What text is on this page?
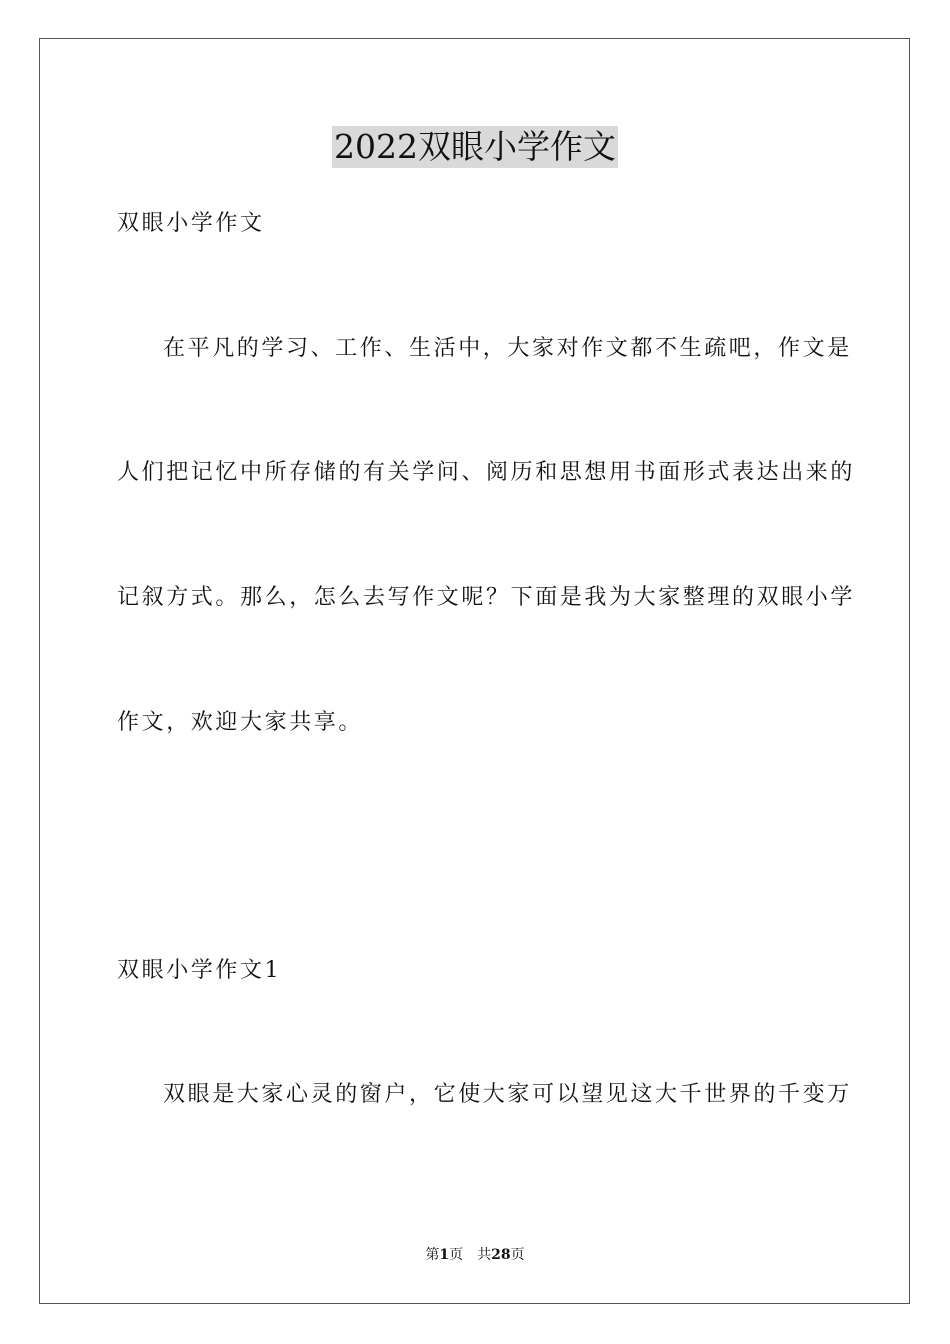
2022双眼小学作文
双眼小学作文
在平凡的学习、工作、生活中，大家对作文都不生疏吧，作文是
人们把记忆中所存储的有关学问、阅历和思想用书面形式表达出来的
记叙方式。那么，怎么去写作文呢？下面是我为大家整理的双眼小学
作文，欢迎大家共享。
双眼小学作文1
双眼是大家心灵的窗户，它使大家可以望见这大千世界的千变万
第1页 共28页
